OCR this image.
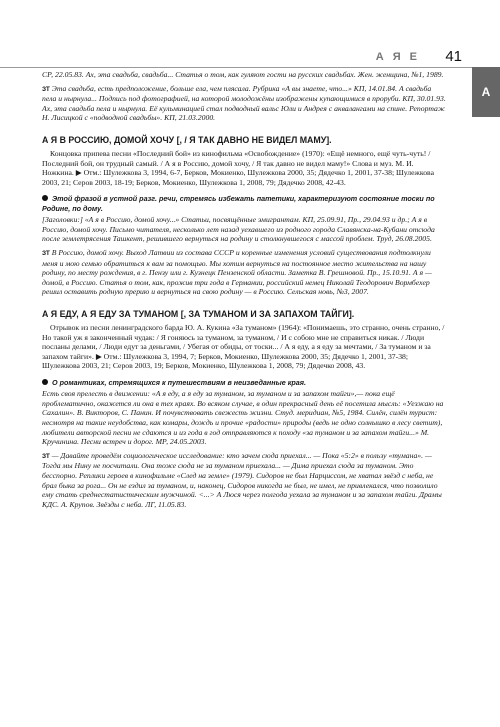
А Я Е 41
А

СР, 22.05.83. Ах, эта свадьба, свадьба... Статья о том, как гуляют гости на русских свадьбах. Жен. женщина, №1, 1989.

ЗТ Эта свадьба, есть предположение, больше ела, чем плясала. Рубрика «А вы знаете, что...» КП, 14.01.84. А свадьба пела и нырнула... Подпись под фотографией, на которой молодожёны изображены купающимися в проруби. КП, 30.01.93. Ах, эта свадьба пела и нырнула. Её кульминацией стал подводный вальс Юли и Андрея с аквалангами на спине. Репортаж Н. Лисицкой с «подводной свадьбы». КП, 21.03.2000.

А Я В РОССИЮ, ДОМОЙ ХОЧУ [, / Я ТАК ДАВНО НЕ ВИДЕЛ МАМУ].

Концовка припева песни «Последний бой» из кинофильма «Освобождение» (1970): «Ещё немного, ещё чуть-чуть! / Последний бой, он трудный самый. / А я в Россию, домой хочу, / Я так давно не видел маму!» Слова и муз. М. И. Ножкина. ▶ Отм.: Шулежкова 3, 1994, 6-7, Берков, Мокиенко, Шулежкова 2000, 35; Дядечко 1, 2001, 37-38; Шулежкова 2003, 21; Серов 2003, 18-19; Берков, Мокиенко, Шулежкова 1, 2008, 79; Дядечко 2008, 42-43.

Этой фразой в устной разг. речи, стремясь избежать патетики, характеризуют состояние тоски по Родине, по дому.

[Заголовки:] «А я в Россию, домой хочу...» Статьи, посвящённые эмигрантам. КП, 25.09.91, Пр., 29.04.93 и др.; А я в Россию, домой хочу. Письмо читателя, несколько лет назад уехавшего из родного города Славянска-на-Кубани отсюда после землетрясения Ташкент, решившего вернуться на родину и столкнувшегося с массой проблем. Труд, 26.08.2005.

ЗТ В Россию, домой хочу. Выход Латвии из состава СССР и коренные изменения условий существования подтолкнули меня и мою семью обратиться к вам за помощью. Мы хотим вернуться на постоянное место жительства на нашу родину, по месту рождения, в г. Пензу или г. Кузнецк Пензенской области. Заметка В. Грешновой. Пр., 15.10.91. А я — домой, в Россию. Статья о том, как, прожив три года в Германии, российский немец Николай Теодорович Вормбехер решил оставить родную прерию и вернуться на свою родину — в Россию. Сельская новь, №3, 2007.

А Я ЕДУ, А Я ЕДУ ЗА ТУМАНОМ [, ЗА ТУМАНОМ И ЗА ЗАПАХОМ ТАЙГИ].

Отрывок из песни ленинградского барда Ю. А. Кукина «За туманом» (1964): «Понимаешь, это странно, очень странно, / Но такой уж я законченный чудак: / Я гоняюсь за туманом, за туманом, / И с собою мне не справиться никак. / Люди посланы делами, / Люди едут за деньгами, / Убегая от обиды, от тоски... / А я еду, а я еду за мечтами, / За туманом и за запахом тайги». ▶ Отм.: Шулежкова 3, 1994, 7; Берков, Мокиенко, Шулежкова 2000, 35; Дядечко 1, 2001, 37-38; Шулежкова 2003, 21; Серов 2003, 19; Берков, Мокиенко, Шулежкова 1, 2008, 79; Дядечко 2008, 43.

О романтиках, стремящихся к путешествиям в неизведанные края.

Есть своя прелесть в движении: «А я еду, а я еду за туманом, за туманом и за запахом тайги»,— пока ещё проблематично, окажется ли она в тех краях. Во всяком случае, в один прекрасный день её посетила мысль: «Уезжаю на Сахалин». В. Викторов, С. Панин. И почувствовать свежесть жизни. Студ. меридиан, №5, 1984. Силён, силён турист: несмотря на такие неудобства, как комары, дождь и прочие «радости» природы (ведь не одно солнышко в лесу светит), любители авторской песни не сдаются и из года в год отправляются к походу «за туманом и за запахом тайги...» М. Кручинина. Песни встреч и дорог. МР, 24.05.2003.

ЗТ — Давайте проведём социологическое исследование: кто зачем сюда приехал... — Пока «5:2» в пользу «тумана». — Тогда мы Нину не посчитали. Она тоже сюда не за туманом приехала... — Дима приехал сюда за туманом. Это бесспорно. Реплики героев в кинофильме «След на земле» (1979). Сидоров не был Нарциссом, не хватал звёзд с неба, не брал быка за рога... Он не ездил за туманом, и, наконец, Сидоров никогда не был, не имел, не привлекался, что позволило ему стать среднестатистическим мужчиной. <...> А Люся через полгода уехала за туманом и за запахом тайги. Драмы КДС. А. Крупов. Звёзды с неба. ЛГ, 11.05.83.
